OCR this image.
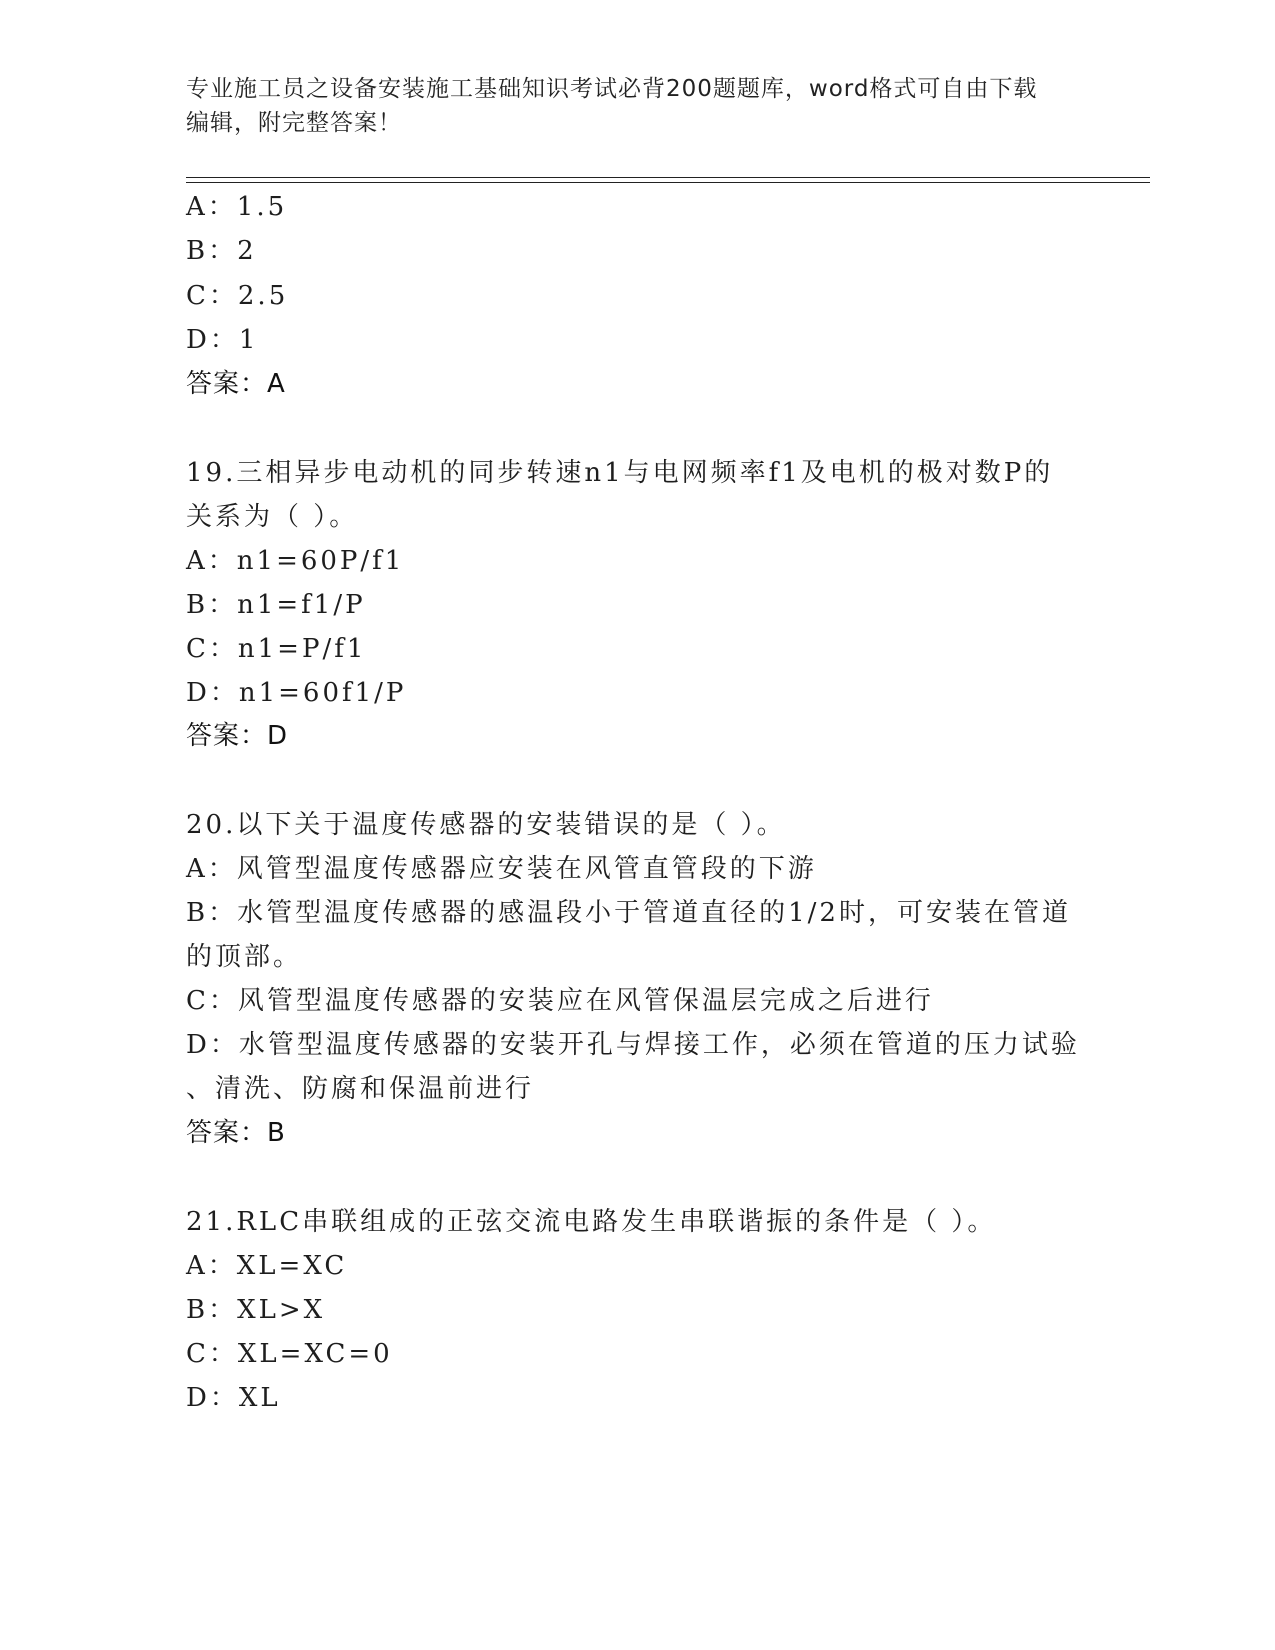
专业施工员之设备安装施工基础知识考试必背200题题库，word格式可自由下载
编辑，附完整答案！
A：1.5
B：2
C：2.5
D：1
答案：A
19.三相异步电动机的同步转速n1与电网频率f1及电机的极对数P的
关系为（ ）。
A：n1=60P/f1
B：n1=f1/P
C：n1=P/f1
D：n1=60f1/P
答案：D
20.以下关于温度传感器的安装错误的是（ ）。
A：风管型温度传感器应安装在风管直管段的下游
B：水管型温度传感器的感温段小于管道直径的1/2时，可安装在管道
的顶部。
C：风管型温度传感器的安装应在风管保温层完成之后进行
D：水管型温度传感器的安装开孔与焊接工作，必须在管道的压力试验
、清洗、防腐和保温前进行
答案：B
21.RLC串联组成的正弦交流电路发生串联谐振的条件是（ ）。
A：XL=XC
B：XL>X
C：XL=XC=0
D：XL
